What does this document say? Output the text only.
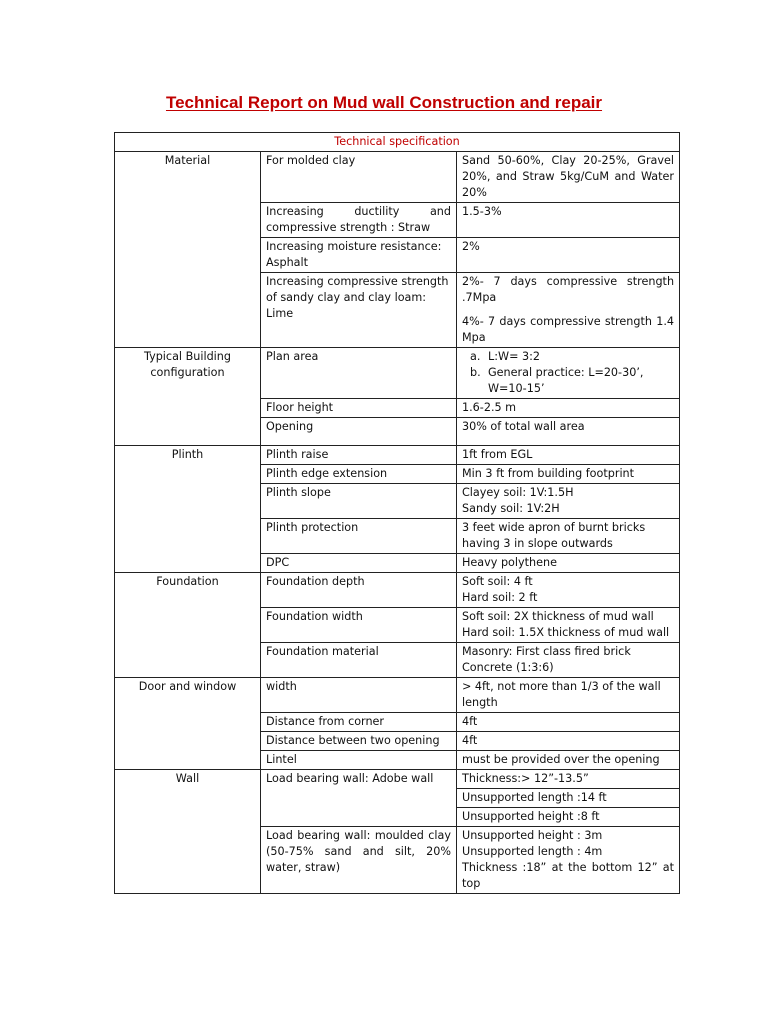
Technical Report on Mud wall Construction and repair
Technical specification		
Material	For molded clay	Sand 50-60%, Clay 20-25%, Gravel 20%, and Straw 5kg/CuM and Water 20%
	Increasing ductility and compressive strength : Straw	1.5-3%
	Increasing moisture resistance: Asphalt	2%
	Increasing compressive strength of sandy clay and clay loam: Lime	2%- 7 days compressive strength .7Mpa
4%- 7 days compressive strength 1.4 Mpa

Typical Building configuration	Plan area	a. L:W= 3:2
b. General practice: L=20-30’, W=10-15’

	Floor height	1.6-2.5 m
	Opening	30% of total wall area

Plinth	Plinth raise	1ft from EGL
	Plinth edge extension	Min 3 ft from building footprint
	Plinth slope	Clayey soil: 1V:1.5H
Sandy soil: 1V:2H

	Plinth protection	3 feet wide apron of burnt bricks having 3 in slope outwards
	DPC	Heavy polythene
Foundation	Foundation depth	Soft soil: 4 ft
Hard soil: 2 ft

	Foundation width	Soft soil: 2X thickness of mud wall
Hard soil: 1.5X thickness of mud wall

	Foundation material	Masonry: First class fired brick
Concrete (1:3:6)

Door and window	width	> 4ft, not more than 1/3 of the wall length
	Distance from corner	4ft
	Distance between two opening	4ft
	Lintel	must be provided over the opening
Wall	Load bearing wall: Adobe wall	Thickness:> 12”-13.5”
		Unsupported length :14 ft
		Unsupported height :8 ft
	Load bearing wall: moulded clay (50-75% sand and silt, 20% water, straw)	Unsupported height : 3m
Unsupported length : 4m
Thickness :18” at the bottom 12” at top
